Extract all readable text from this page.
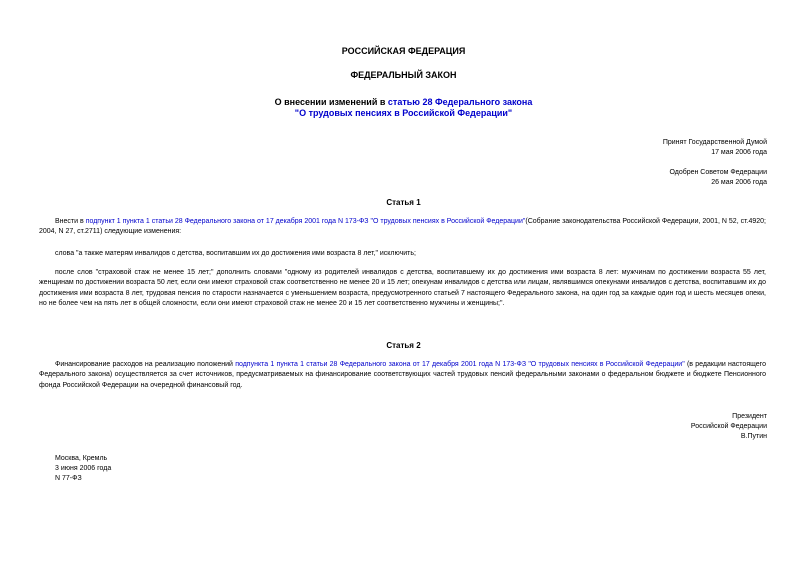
РОССИЙСКАЯ ФЕДЕРАЦИЯ
ФЕДЕРАЛЬНЫЙ ЗАКОН
О внесении изменений в статью 28 Федерального закона
"О трудовых пенсиях в Российской Федерации"
Принят Государственной Думой
17 мая 2006 года
Одобрен Советом Федерации
26 мая 2006 года
Статья 1
Внести в подпункт 1 пункта 1 статьи 28 Федерального закона от 17 декабря 2001 года N 173-ФЗ "О трудовых пенсиях в Российской Федерации"(Собрание законодательства Российской Федерации, 2001, N 52, ст.4920; 2004, N 27, ст.2711) следующие изменения:
слова "а также матерям инвалидов с детства, воспитавшим их до достижения ими возраста 8 лет," исключить;
после слов "страховой стаж не менее 15 лет;" дополнить словами "одному из родителей инвалидов с детства, воспитавшему их до достижения ими возраста 8 лет: мужчинам по достижении возраста 55 лет, женщинам по достижении возраста 50 лет, если они имеют страховой стаж соответственно не менее 20 и 15 лет; опекунам инвалидов с детства или лицам, являвшимся опекунами инвалидов с детства, воспитавшим их до достижения ими возраста 8 лет, трудовая пенсия по старости назначается с уменьшением возраста, предусмотренного статьей 7 настоящего Федерального закона, на один год за каждые один год и шесть месяцев опеки, но не более чем на пять лет в общей сложности, если они имеют страховой стаж не менее 20 и 15 лет соответственно мужчины и женщины;".
Статья 2
Финансирование расходов на реализацию положений подпункта 1 пункта 1 статьи 28 Федерального закона от 17 декабря 2001 года N 173-ФЗ "О трудовых пенсиях в Российской Федерации" (в редакции настоящего Федерального закона) осуществляется за счет источников, предусматриваемых на финансирование соответствующих частей трудовых пенсий федеральными законами о федеральном бюджете и бюджете Пенсионного фонда Российской Федерации на очередной финансовый год.
Президент
Российской Федерации
В.Путин
Москва, Кремль
3 июня 2006 года
N 77-ФЗ
